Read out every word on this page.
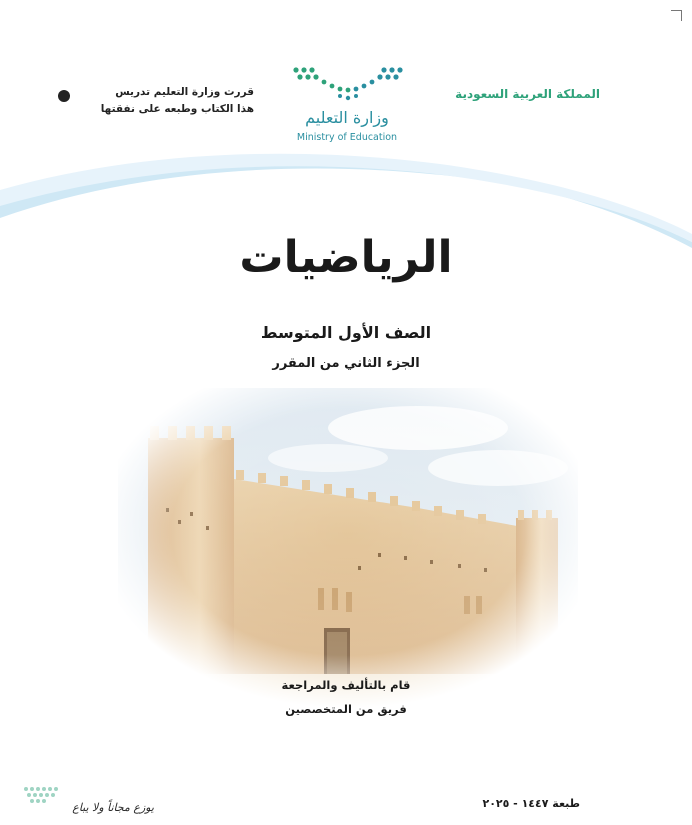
المملكة العربية السعودية
وزارة التعليم
Ministry of Education
قررت وزارة التعليم تدريس
هذا الكتاب وطبعه على نفقتها
الرياضيات
الصف الأول المتوسط
الجزء الثاني من المقرر
قام بالتأليف والمراجعة
فريق من المتخصصين
يوزع مجاناً ولا يباع	طبعة ١٤٤٧ - ٢٠٢٥
